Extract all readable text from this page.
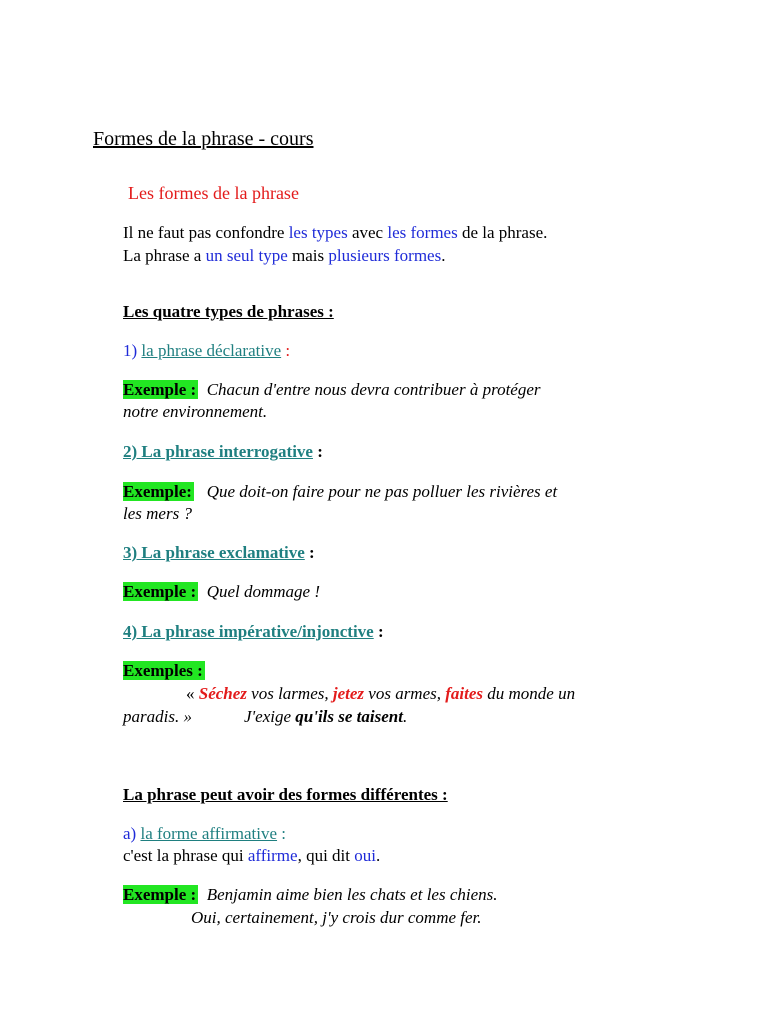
Formes de la phrase - cours
Les formes de la phrase
Il ne faut pas confondre les types avec les formes de la phrase.
La phrase a un seul type mais plusieurs formes.
Les quatre types de phrases :
1) la phrase déclarative :
Exemple : Chacun d'entre nous devra contribuer à protéger
notre environnement.
2) La phrase interrogative :
Exemple: Que doit-on faire pour ne pas polluer les rivières et
les mers ?
3) La phrase exclamative :
Exemple : Quel dommage !
4) La phrase impérative/injonctive :
Exemples :
« Séchez vos larmes, jetez vos armes, faites du monde un
paradis. »	J'exige qu'ils se taisent.
La phrase peut avoir des formes différentes :
a) la forme affirmative :
c'est la phrase qui affirme, qui dit oui.
Exemple : Benjamin aime bien les chats et les chiens.
Oui, certainement, j'y crois dur comme fer.
